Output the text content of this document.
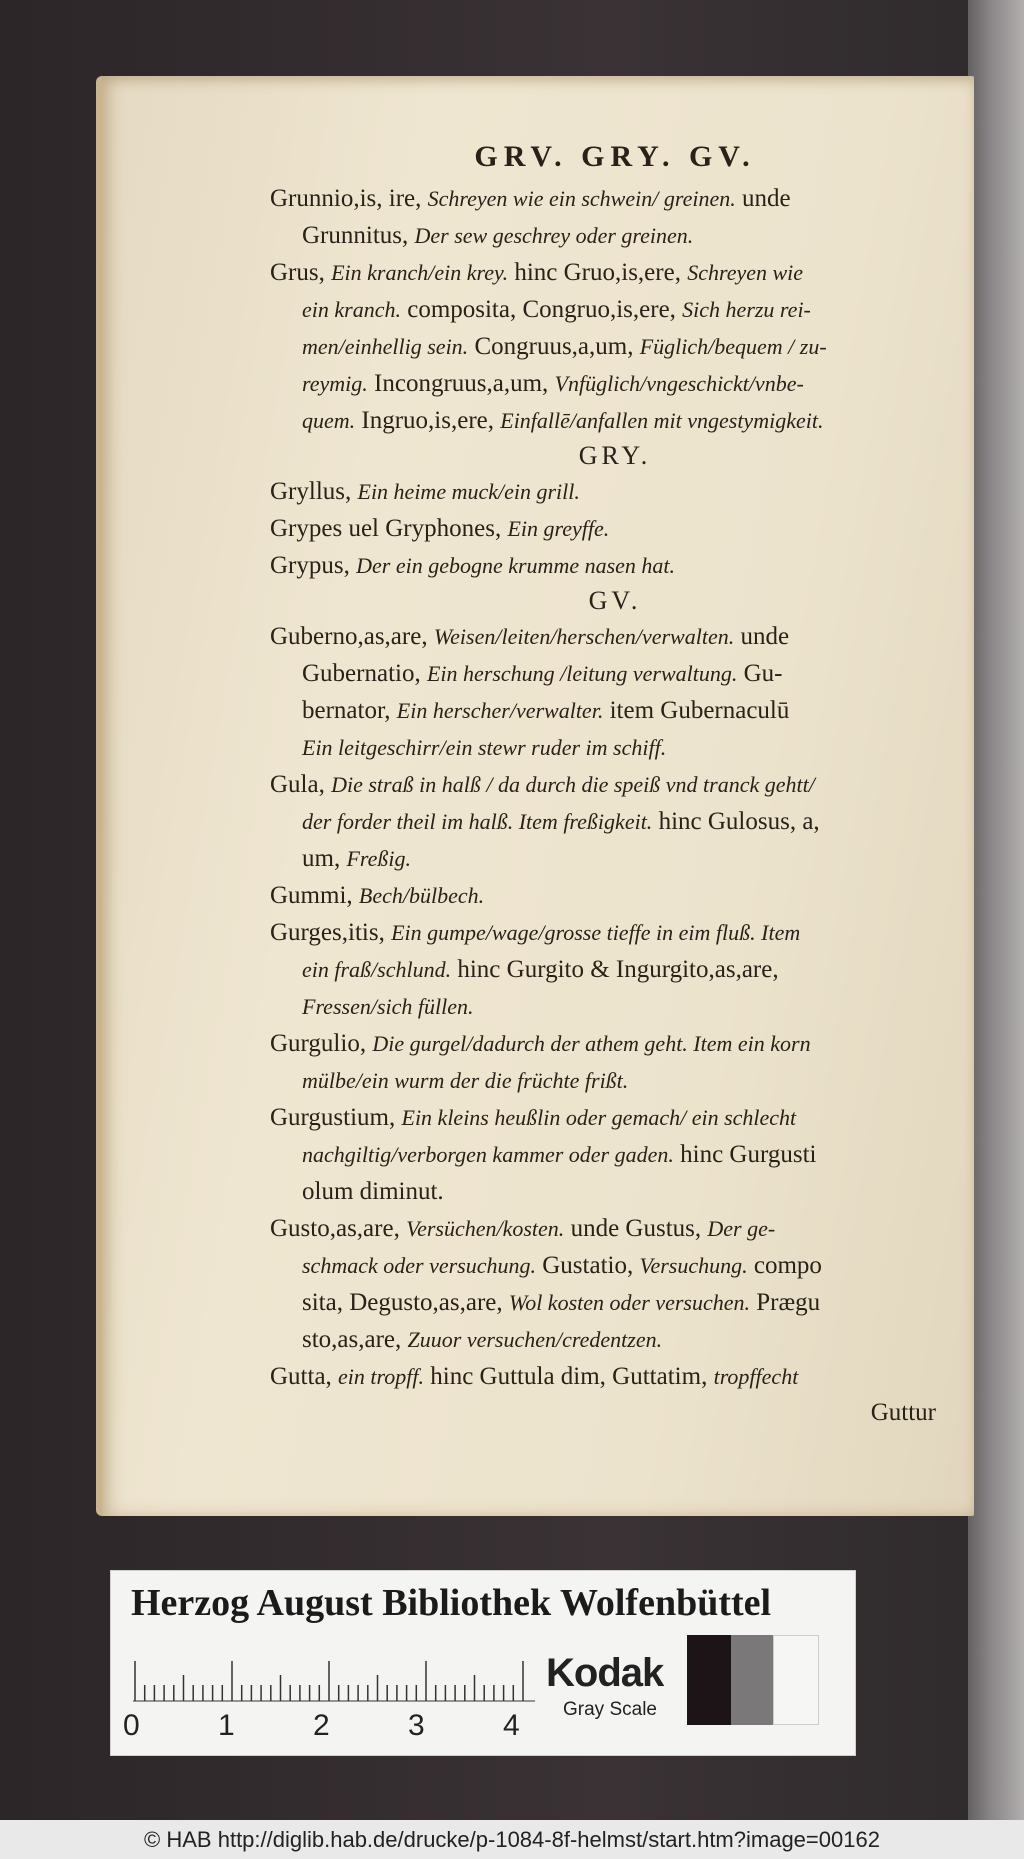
GRV. GRY. GV.
Grunnio,is, ire, Schreyen wie ein schwein/ greinen. unde
Grunnitus, Der sew geschrey oder greinen.
Grus, Ein kranch/ein krey. hinc Gruo,is,ere, Schreyen wie
ein kranch. composita, Congruo,is,ere, Sich herzu rei-
men/einhellig sein. Congruus,a,um, Füglich/bequem / zu-
reymig. Incongruus,a,um, Vnfüglich/vngeschickt/vnbe-
quem. Ingruo,is,ere, Einfallē/anfallen mit vngestymigkeit.
GRY.
Gryllus, Ein heime muck/ein grill.
Grypes uel Gryphones, Ein greyffe.
Grypus, Der ein gebogne krumme nasen hat.
GV.
Guberno,as,are, Weisen/leiten/herschen/verwalten. unde
Gubernatio, Ein herschung /leitung verwaltung. Gu-
bernator, Ein herscher/verwalter. item Gubernaculū
Ein leitgeschirr/ein stewr ruder im schiff.
Gula, Die straß in halß / da durch die speiß vnd tranck gehtt/
der forder theil im halß. Item freßigkeit. hinc Gulosus, a,
um, Freßig.
Gummi, Bech/bülbech.
Gurges,itis, Ein gumpe/wage/grosse tieffe in eim fluß. Item
ein fraß/schlund. hinc Gurgito & Ingurgito,as,are,
Fressen/sich füllen.
Gurgulio, Die gurgel/dadurch der athem geht. Item ein korn
mülbe/ein wurm der die früchte frißt.
Gurgustium, Ein kleins heußlin oder gemach/ ein schlecht
nachgiltig/verborgen kammer oder gaden. hinc Gurgusti
olum diminut.
Gusto,as,are, Versüchen/kosten. unde Gustus, Der ge-
schmack oder versuchung. Gustatio, Versuchung. compo
sita, Degusto,as,are, Wol kosten oder versuchen. Prægu
sto,as,are, Zuuor versuchen/credentzen.
Gutta, ein tropff. hinc Guttula dim, Guttatim, tropffecht
Guttur
Herzog August Bibliothek Wolfenbüttel
0	1	2	3	4
Kodak
Gray Scale
© HAB http://diglib.hab.de/drucke/p-1084-8f-helmst/start.htm?image=00162
